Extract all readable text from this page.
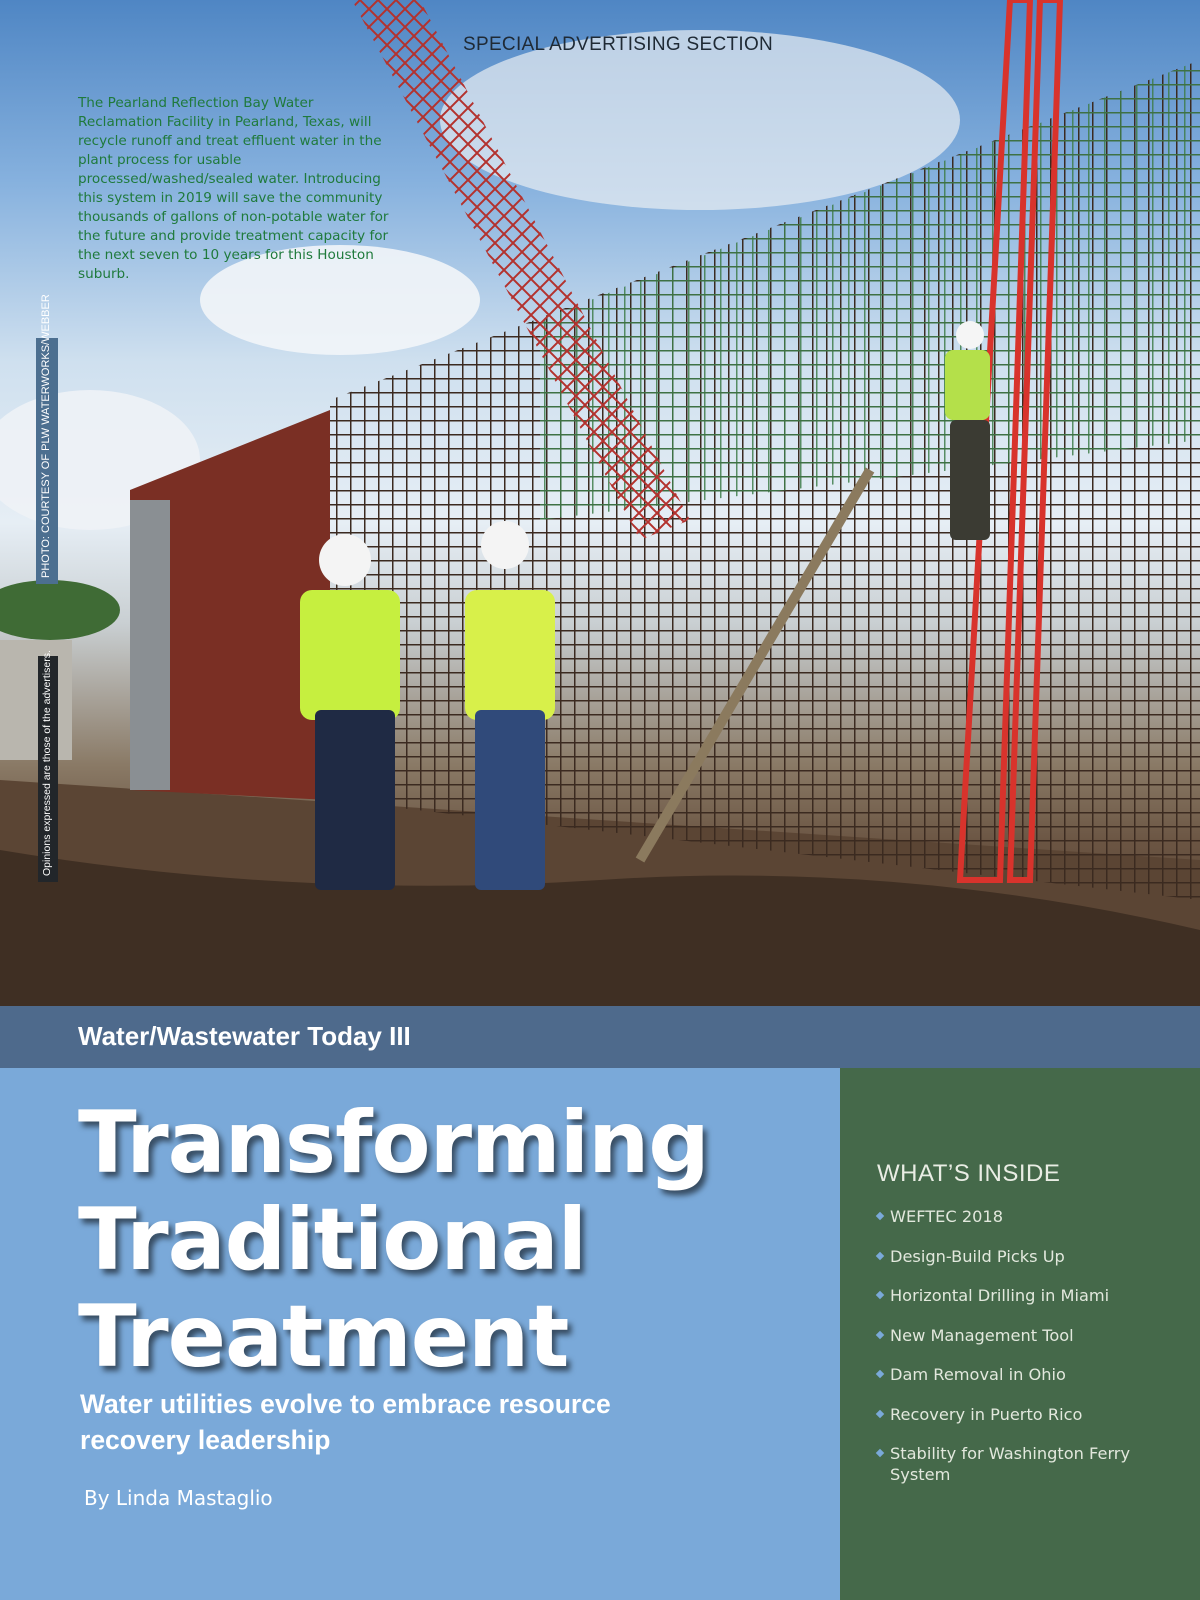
SPECIAL ADVERTISING SECTION

The Pearland Reflection Bay Water Reclamation Facility in Pearland, Texas, will recycle runoff and treat effluent water in the plant process for usable processed/washed/sealed water. Introducing this system in 2019 will save the community thousands of gallons of non-potable water for the future and provide treatment capacity for the next seven to 10 years for this Houston suburb.

PHOTO: COURTESY OF PLW WATERWORKS/WEBBER
Opinions expressed are those of the advertisers.
Water/Wastewater Today III
Transforming
Traditional
Treatment
Water utilities evolve to embrace resource recovery leadership
By Linda Mastaglio
WHAT’S INSIDE
WEFTEC 2018
Design-Build Picks Up
Horizontal Drilling in Miami
New Management Tool
Dam Removal in Ohio
Recovery in Puerto Rico
Stability for Washington Ferry System
